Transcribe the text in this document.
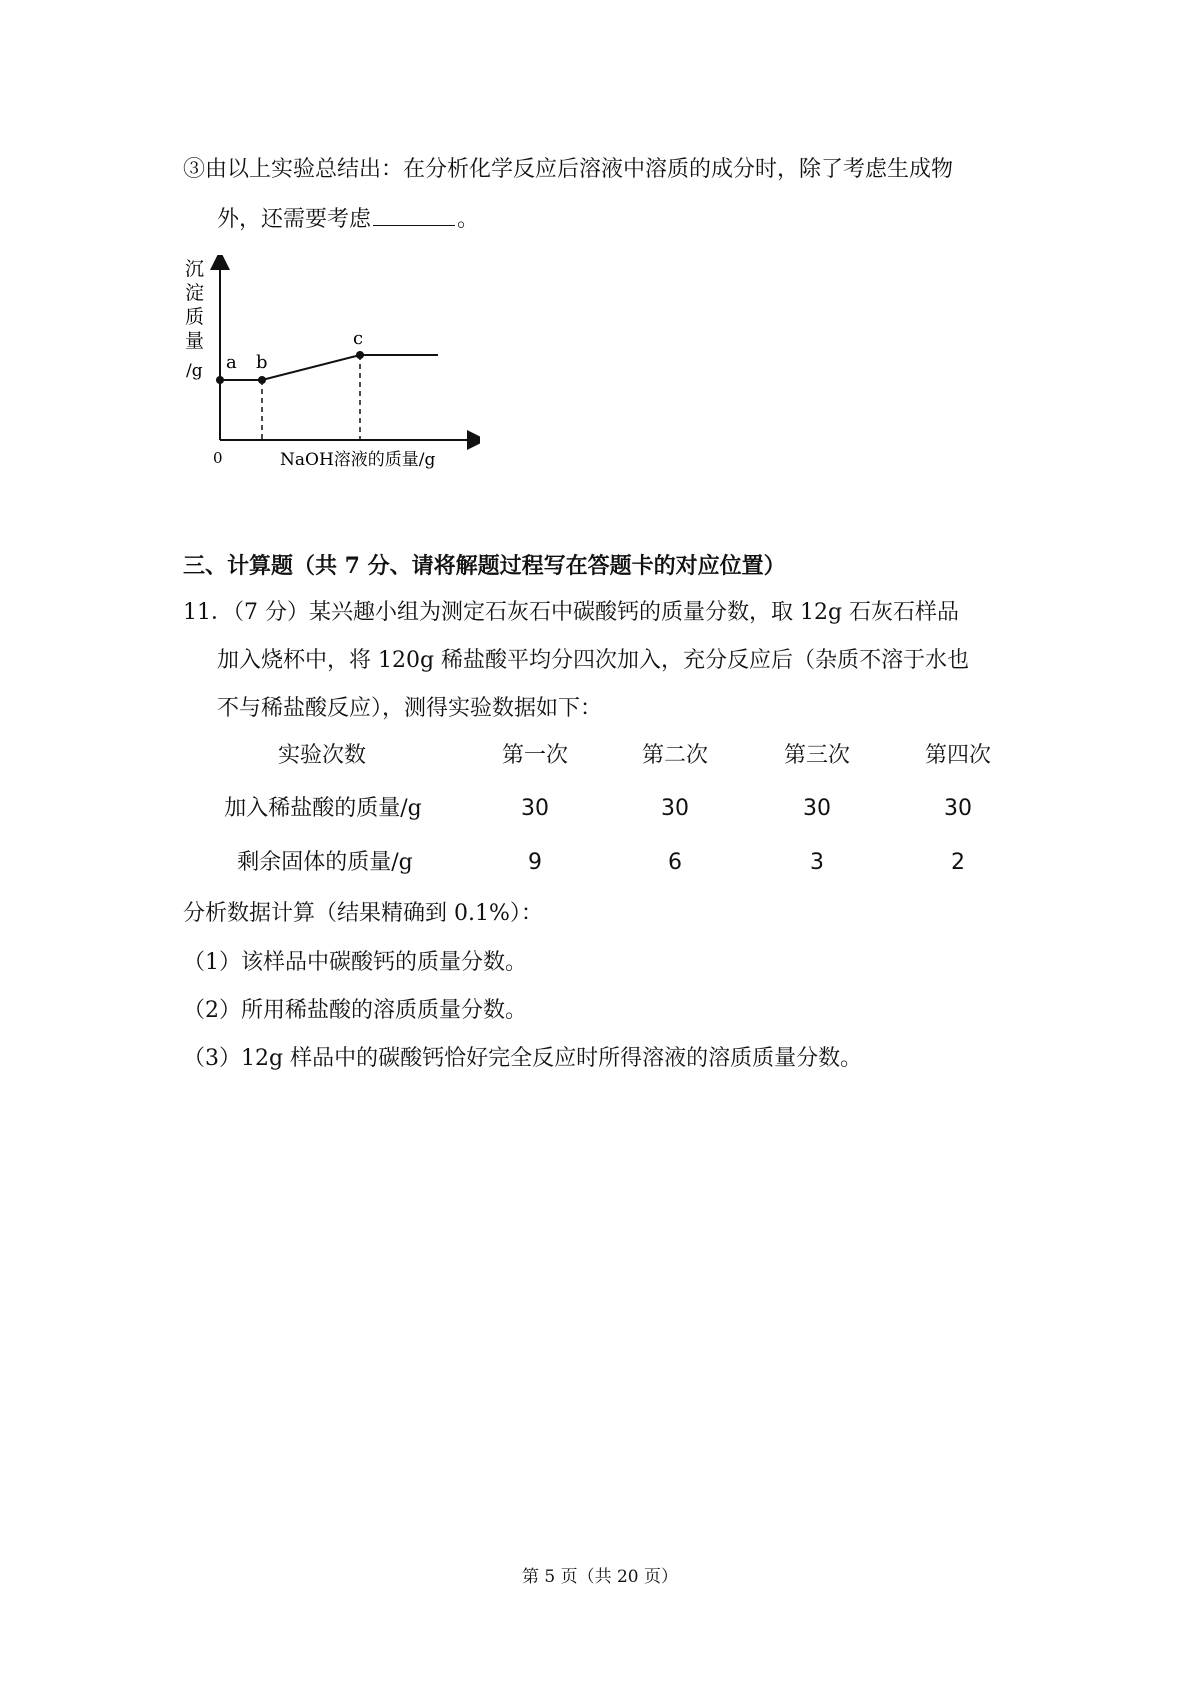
③由以上实验总结出：在分析化学反应后溶液中溶质的成分时，除了考虑生成物
外，还需要考虑	。
a b
c
沉
淀
质
量
/g
0	NaOH溶液的质量/g
三、计算题（共 7 分、请将解题过程写在答题卡的对应位置）
11．（7 分）某兴趣小组为测定石灰石中碳酸钙的质量分数，取 12g 石灰石样品
加入烧杯中，将 120g 稀盐酸平均分四次加入，充分反应后（杂质不溶于水也
不与稀盐酸反应），测得实验数据如下：
实验次数	第一次	第二次	第三次	第四次
加入稀盐酸的质量/g	30	30	30	30
剩余固体的质量/g	9	6	3	2
分析数据计算（结果精确到 0.1%）：
（1）该样品中碳酸钙的质量分数。
（2）所用稀盐酸的溶质质量分数。
（3）12g 样品中的碳酸钙恰好完全反应时所得溶液的溶质质量分数。
第 5 页（共 20 页）
